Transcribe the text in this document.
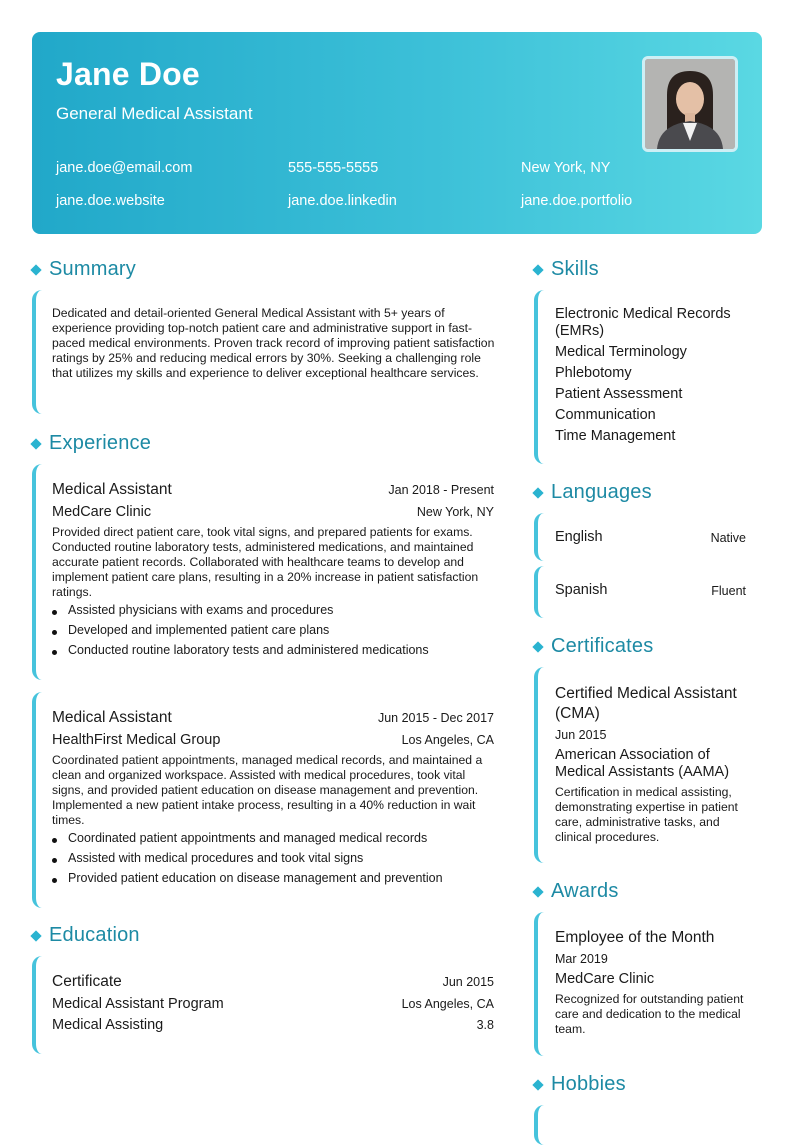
Jane Doe
General Medical Assistant
jane.doe@email.com	555-555-5555	New York, NY
jane.doe.website	jane.doe.linkedin	jane.doe.portfolio
Summary
Dedicated and detail-oriented General Medical Assistant with 5+ years of experience providing top-notch patient care and administrative support in fast-paced medical environments. Proven track record of improving patient satisfaction ratings by 25% and reducing medical errors by 30%. Seeking a challenging role that utilizes my skills and experience to deliver exceptional healthcare services.
Experience
Medical Assistant	Jan 2018 - Present
MedCare Clinic	New York, NY
Provided direct patient care, took vital signs, and prepared patients for exams. Conducted routine laboratory tests, administered medications, and maintained accurate patient records. Collaborated with healthcare teams to develop and implement patient care plans, resulting in a 20% increase in patient satisfaction ratings.
Assisted physicians with exams and procedures
Developed and implemented patient care plans
Conducted routine laboratory tests and administered medications
Medical Assistant	Jun 2015 - Dec 2017
HealthFirst Medical Group	Los Angeles, CA
Coordinated patient appointments, managed medical records, and maintained a clean and organized workspace. Assisted with medical procedures, took vital signs, and provided patient education on disease management and prevention. Implemented a new patient intake process, resulting in a 40% reduction in wait times.
Coordinated patient appointments and managed medical records
Assisted with medical procedures and took vital signs
Provided patient education on disease management and prevention
Education
Certificate	Jun 2015
Medical Assistant Program	Los Angeles, CA
Medical Assisting	3.8
Skills
Electronic Medical Records (EMRs)
Medical Terminology
Phlebotomy
Patient Assessment
Communication
Time Management
Languages
English	Native
Spanish	Fluent
Certificates
Certified Medical Assistant (CMA)
Jun 2015
American Association of Medical Assistants (AAMA)
Certification in medical assisting, demonstrating expertise in patient care, administrative tasks, and clinical procedures.
Awards
Employee of the Month
Mar 2019
MedCare Clinic
Recognized for outstanding patient care and dedication to the medical team.
Hobbies
